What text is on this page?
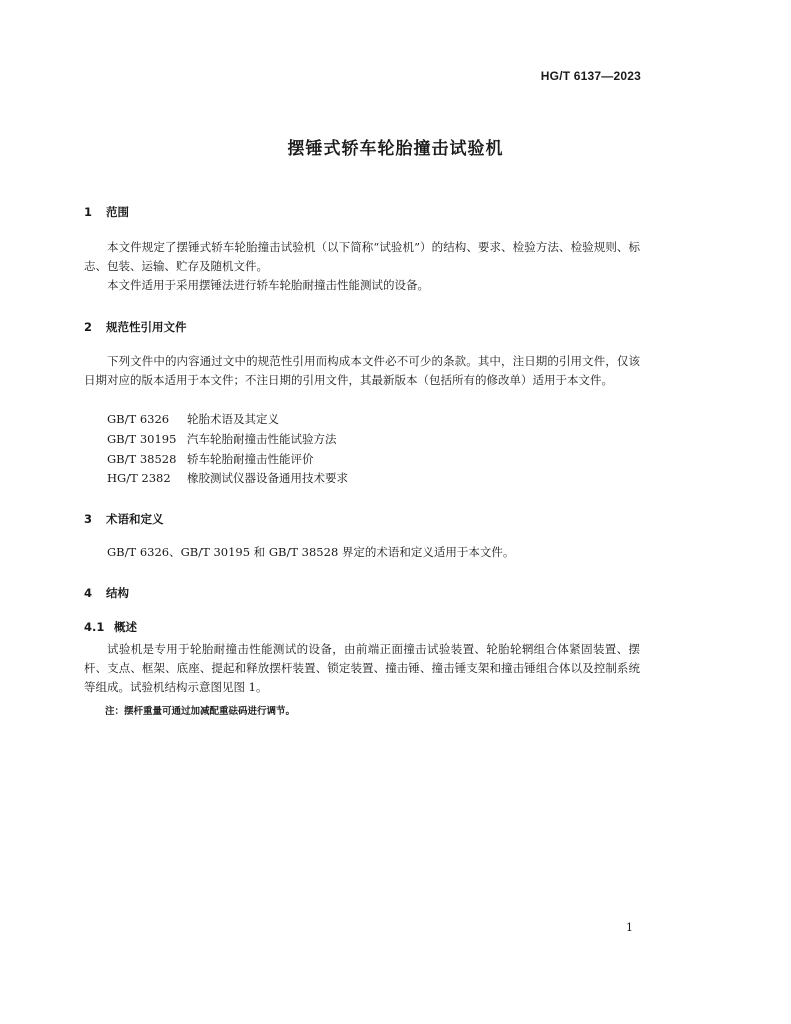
HG/T 6137—2023
摆锤式轿车轮胎撞击试验机
1 范围

本文件规定了摆锤式轿车轮胎撞击试验机（以下简称“试验机”）的结构、要求、检验方法、检验规则、标志、包装、运输、贮存及随机文件。

本文件适用于采用摆锤法进行轿车轮胎耐撞击性能测试的设备。

2 规范性引用文件

下列文件中的内容通过文中的规范性引用而构成本文件必不可少的条款。其中，注日期的引用文件，仅该日期对应的版本适用于本文件；不注日期的引用文件，其最新版本（包括所有的修改单）适用于本文件。

GB/T 6326 轮胎术语及其定义
GB/T 30195 汽车轮胎耐撞击性能试验方法
GB/T 38528 轿车轮胎耐撞击性能评价
HG/T 2382 橡胶测试仪器设备通用技术要求
3 术语和定义

GB/T 6326、GB/T 30195 和 GB/T 38528 界定的术语和定义适用于本文件。

4 结构
4.1 概述

试验机是专用于轮胎耐撞击性能测试的设备，由前端正面撞击试验装置、轮胎轮辋组合体紧固装置、摆杆、支点、框架、底座、提起和释放摆杆装置、锁定装置、撞击锤、撞击锤支架和撞击锤组合体以及控制系统等组成。试验机结构示意图见图 1。

注：摆杆重量可通过加减配重砝码进行调节。
1
